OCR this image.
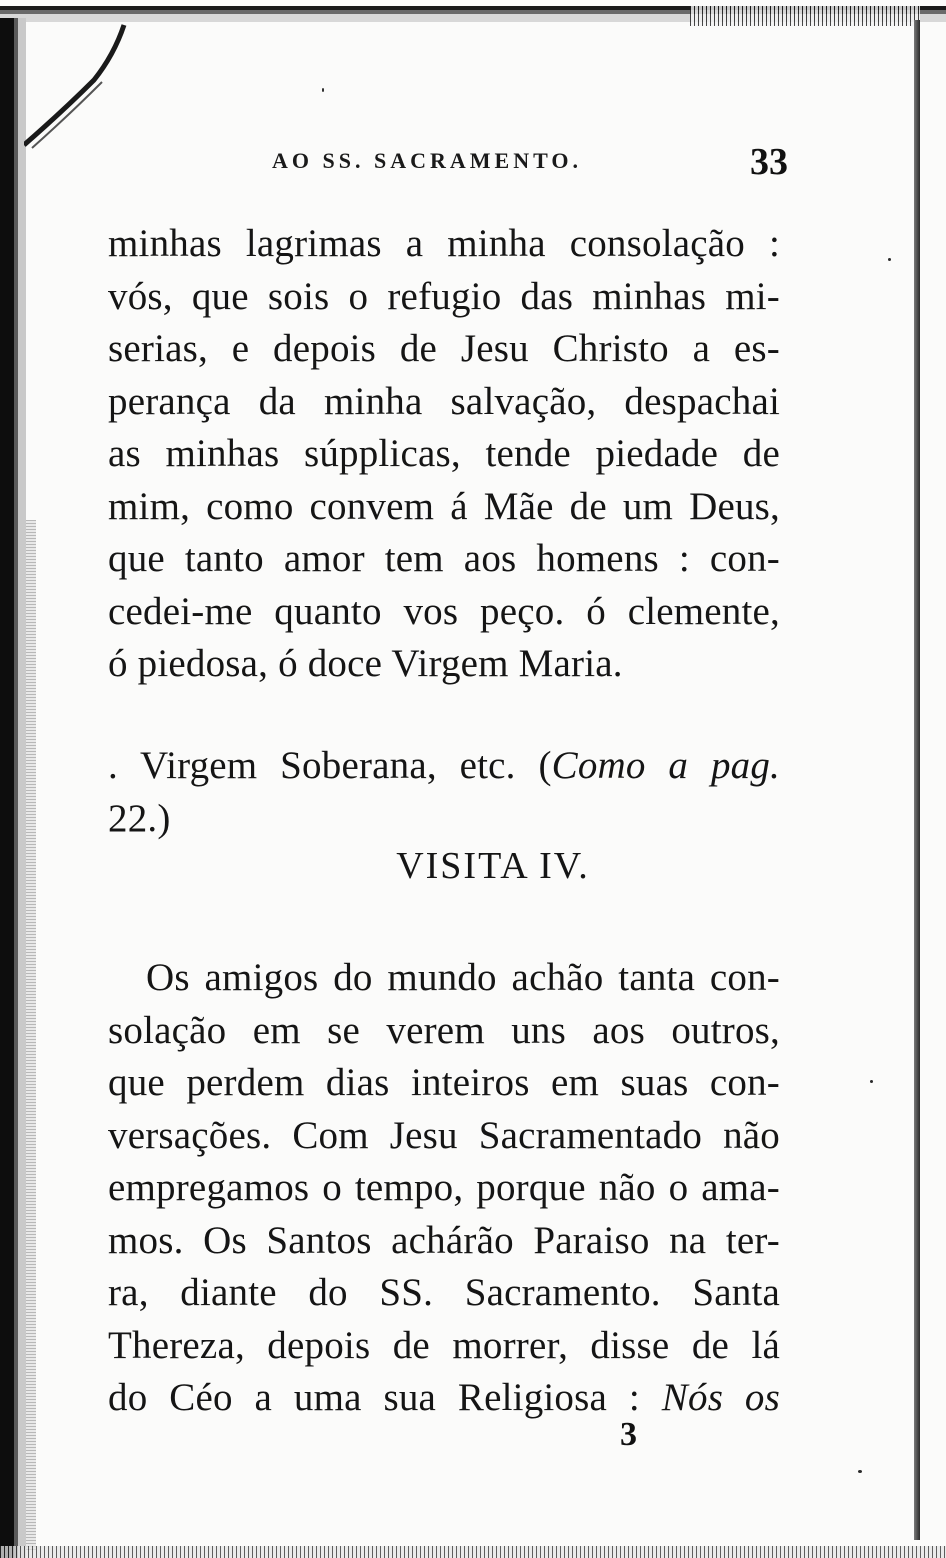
AO SS. SACRAMENTO.	33
minhas lagrimas a minha consolação :
vós, que sois o refugio das minhas mi-
serias, e depois de Jesu Christo a es-
perança da minha salvação, despachai
as minhas súpplicas, tende piedade de
mim, como convem á Mãe de um Deus,
que tanto amor tem aos homens : con-
cedei-me quanto vos peço. ó clemente,
ó piedosa, ó doce Virgem Maria.
. Virgem Soberana, etc. (Como a pag.
22.)
VISITA IV.
Os amigos do mundo achão tanta con-
solação em se verem uns aos outros,
que perdem dias inteiros em suas con-
versações. Com Jesu Sacramentado não
empregamos o tempo, porque não o ama-
mos. Os Santos achárão Paraiso na ter-
ra, diante do SS. Sacramento. Santa
Thereza, depois de morrer, disse de lá
do Céo a uma sua Religiosa : Nós os
3
